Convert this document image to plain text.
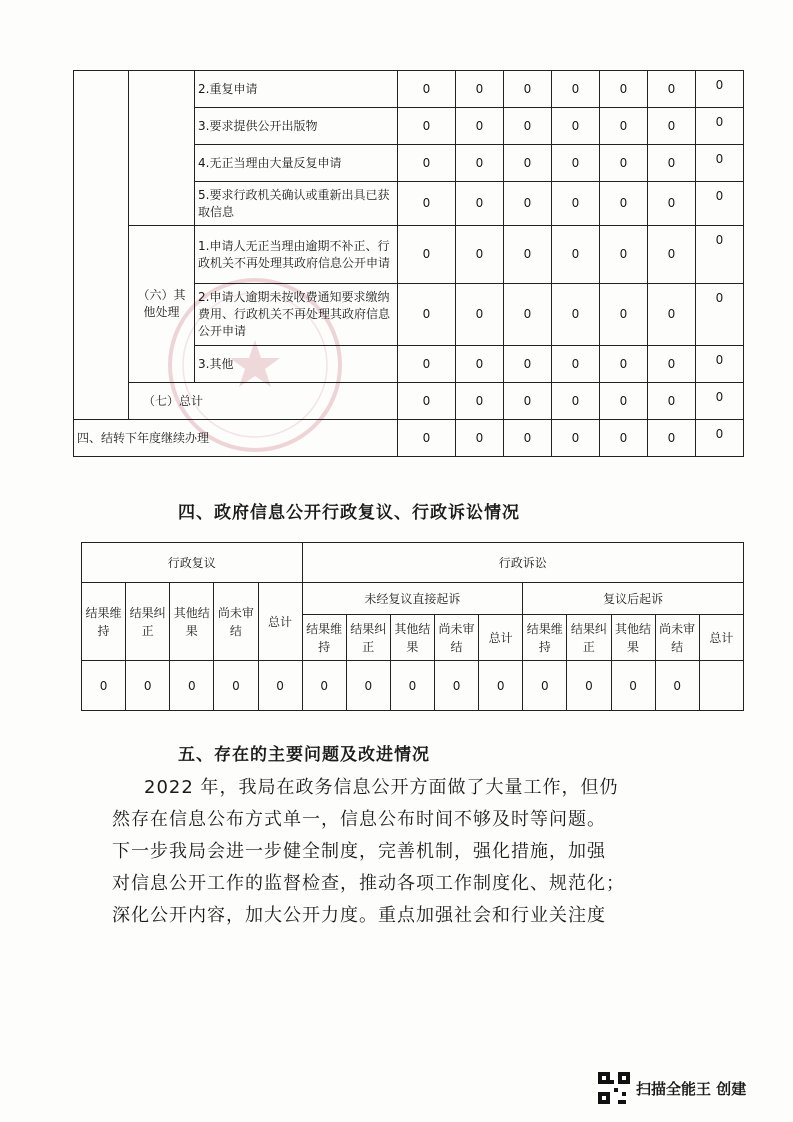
		2.重复申请	0	0	0	0	0	0	0
		3.要求提供公开出版物	0	0	0	0	0	0	0
		4.无正当理由大量反复申请	0	0	0	0	0	0	0
		5.要求行政机关确认或重新出具已获取信息	0	0	0	0	0	0	0
	（六）其他处理	1.申请人无正当理由逾期不补正、行政机关不再处理其政府信息公开申请	0	0	0	0	0	0	0
		2.申请人逾期未按收费通知要求缴纳费用、行政机关不再处理其政府信息公开申请	0	0	0	0	0	0	0
		3.其他	0	0	0	0	0	0	0
	（七）总计		0	0	0	0	0	0	0
四、结转下年度继续办理			0	0	0	0	0	0	0
四、政府信息公开行政复议、行政诉讼情况
行政复议					行政诉讼									
结果维持	结果纠正	其他结果	尚未审结	总计	未经复议直接起诉					复议后起诉				
					结果维持	结果纠正	其他结果	尚未审结	总计	结果维持	结果纠正	其他结果	尚未审结	总计
0	0	0	0	0	0	0	0	0	0	0	0	0	0	
五、存在的主要问题及改进情况

2022 年，我局在政务信息公开方面做了大量工作，但仍

然存在信息公布方式单一，信息公布时间不够及时等问题。

下一步我局会进一步健全制度，完善机制，强化措施，加强

对信息公开工作的监督检查，推动各项工作制度化、规范化；

深化公开内容，加大公开力度。重点加强社会和行业关注度

扫描全能王 创建
